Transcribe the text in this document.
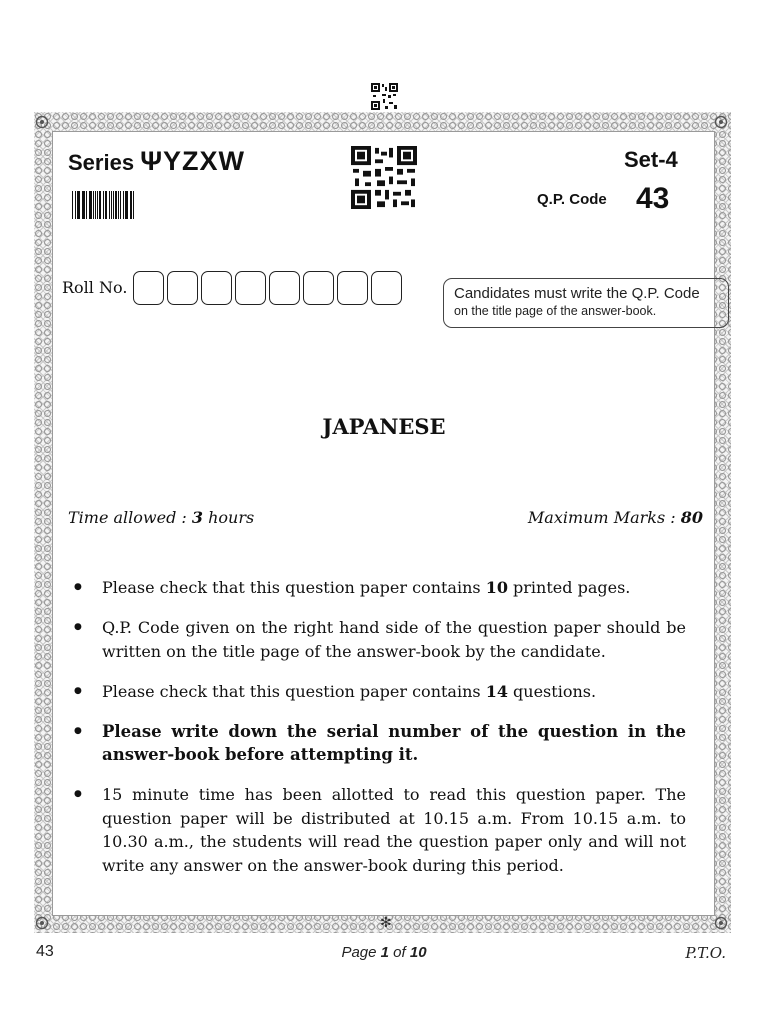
Series ΨYZXW	Set-4
Q.P. Code 43
Roll No.	Candidates must write the Q.P. Code
on the title page of the answer-book.
JAPANESE
Time allowed : 3 hours	Maximum Marks : 80
●	Please check that this question paper contains 10 printed pages.
●	Q.P. Code given on the right hand side of the question paper should be written on the title page of the answer-book by the candidate.
●	Please check that this question paper contains 14 questions.
●	Please write down the serial number of the question in the answer-book before attempting it.
●	15 minute time has been allotted to read this question paper. The question paper will be distributed at 10.15 a.m. From 10.15 a.m. to 10.30 a.m., the students will read the question paper only and will not write any answer on the answer-book during this period.
✻
43	Page 1 of 10	P.T.O.
